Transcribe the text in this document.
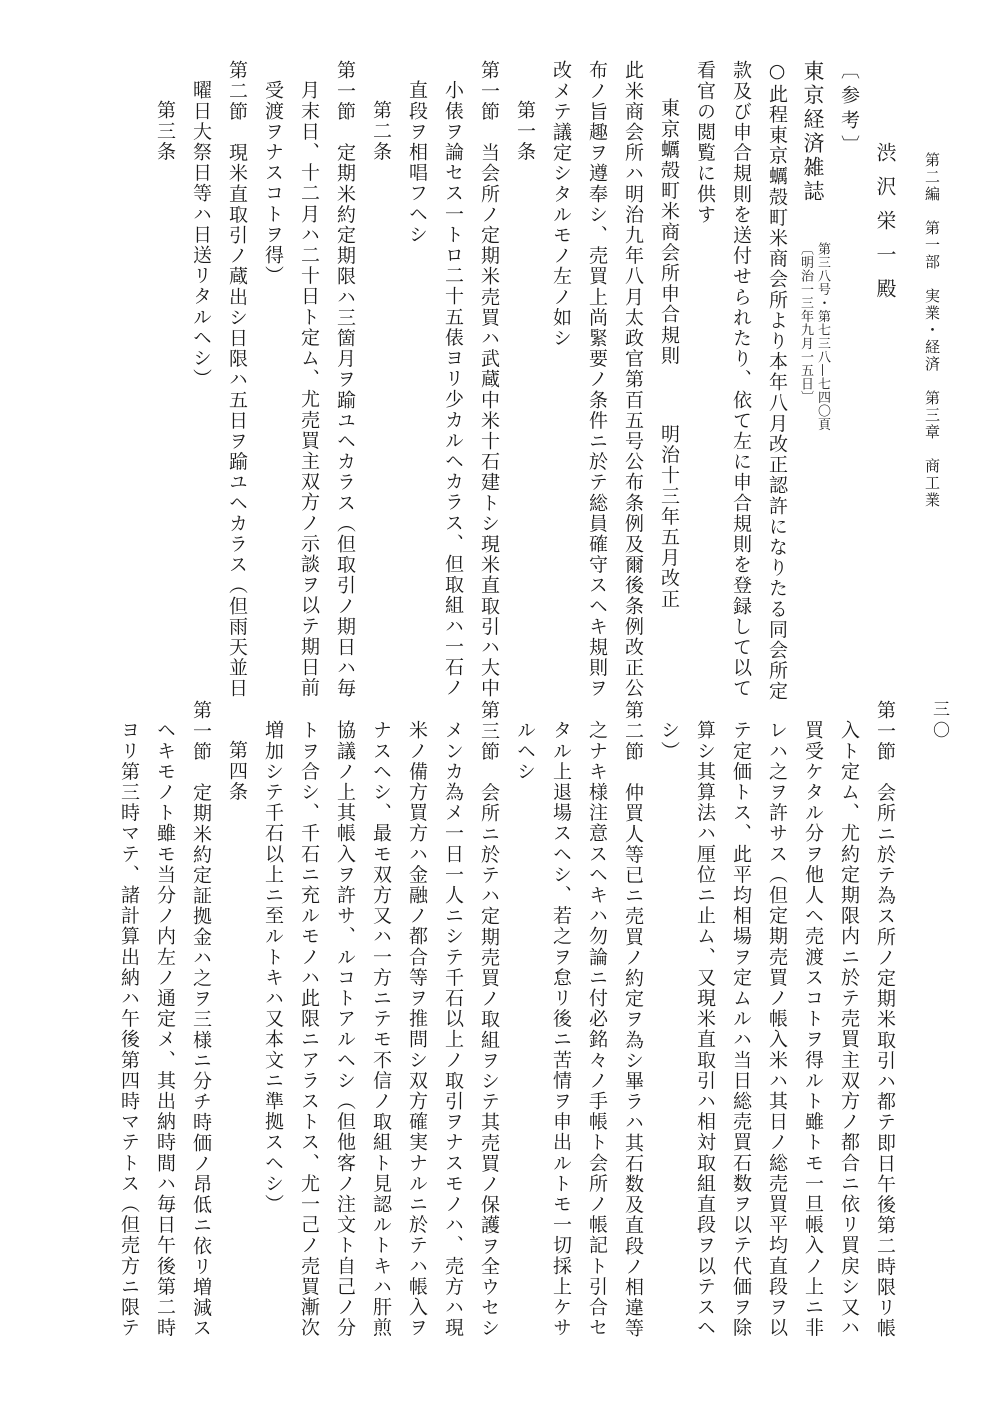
第二編　第一部　実業・経済　第三章　商工業
三〇
渋沢栄一殿
〔参考〕
東京経済雑誌
第三八号・第七三八—七四〇頁
〔明治一三年九月一五日〕
○此程東京蠣殻町米商会所より本年八月改正認許になりたる同会所定
款及び申合規則を送付せられたり、依て左に申合規則を登録して以て
看官の閲覧に供す
東京蠣殻町米商会所申合規則明治十三年五月改正
此米商会所ハ明治九年八月太政官第百五号公布条例及爾後条例改正公
布ノ旨趣ヲ遵奉シ、売買上尚緊要ノ条件ニ於テ総員確守スヘキ規則ヲ
改メテ議定シタルモノ左ノ如シ
第一条
第一節　当会所ノ定期米売買ハ武蔵中米十石建トシ現米直取引ハ大中
小俵ヲ論セス一トロ二十五俵ヨリ少カルヘカラス、但取組ハ一石ノ
直段ヲ相唱フヘシ
第二条
第一節　定期米約定期限ハ三箇月ヲ踰ユヘカラス（但取引ノ期日ハ毎
月末日、十二月ハ二十日ト定ム、尤売買主双方ノ示談ヲ以テ期日前
受渡ヲナスコトヲ得）
第二節　現米直取引ノ蔵出シ日限ハ五日ヲ踰ユヘカラス（但雨天並日
曜日大祭日等ハ日送リタルヘシ）
第三条
第一節　会所ニ於テ為ス所ノ定期米取引ハ都テ即日午後第二時限リ帳
入ト定ム、尤約定期限内ニ於テ売買主双方ノ都合ニ依リ買戻シ又ハ
買受ケタル分ヲ他人ヘ売渡スコトヲ得ルト雖トモ一旦帳入ノ上ニ非
レハ之ヲ許サス（但定期売買ノ帳入米ハ其日ノ総売買平均直段ヲ以
テ定価トス、此平均相場ヲ定ムルハ当日総売買石数ヲ以テ代価ヲ除
算シ其算法ハ厘位ニ止ム、又現米直取引ハ相対取組直段ヲ以テスヘ
シ）
第二節　仲買人等已ニ売買ノ約定ヲ為シ畢ラハ其石数及直段ノ相違等
之ナキ様注意スヘキハ勿論ニ付必銘々ノ手帳ト会所ノ帳記ト引合セ
タル上退場スヘシ、若之ヲ怠リ後ニ苦情ヲ申出ルトモ一切採上ケサ
ルヘシ
第三節　会所ニ於テハ定期売買ノ取組ヲシテ其売買ノ保護ヲ全ウセシ
メンカ為メ一日一人ニシテ千石以上ノ取引ヲナスモノハ、売方ハ現
米ノ備方買方ハ金融ノ都合等ヲ推問シ双方確実ナルニ於テハ帳入ヲ
ナスヘシ、最モ双方又ハ一方ニテモ不信ノ取組ト見認ルトキハ肝煎
協議ノ上其帳入ヲ許サ、ルコトアルヘシ（但他客ノ注文ト自己ノ分
トヲ合シ、千石ニ充ルモノハ此限ニアラストス、尤一己ノ売買漸次
増加シテ千石以上ニ至ルトキハ又本文ニ準拠スヘシ）
第四条
第一節　定期米約定証拠金ハ之ヲ三様ニ分チ時価ノ昂低ニ依リ増減ス
ヘキモノト雖モ当分ノ内左ノ通定メ、其出納時間ハ毎日午後第二時
ヨリ第三時マテ、諸計算出納ハ午後第四時マテトス（但売方ニ限テ
